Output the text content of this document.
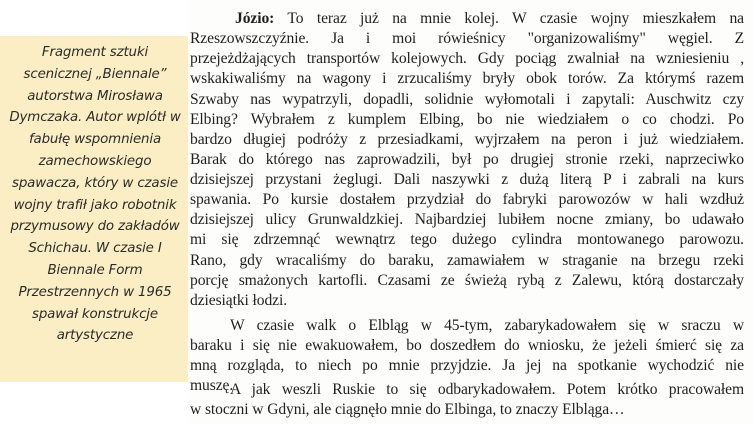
Fragment sztuki scenicznej „Biennale” autorstwa Mirosława Dymczaka. Autor wplótł w fabułę wspomnienia zamechowskiego spawacza, który w czasie wojny trafił jako robotnik przymusowy do zakładów Schichau. W czasie I Biennale Form Przestrzennych w 1965 spawał konstrukcje artystyczne
Józio: To teraz już na mnie kolej. W czasie wojny mieszkałem na
Rzeszowszczyźnie. Ja i moi rówieśnicy "organizowaliśmy" węgiel. Z
przejeżdżających transportów kolejowych. Gdy pociąg zwalniał na wzniesieniu ,
wskakiwaliśmy na wagony i zrzucaliśmy bryły obok torów. Za którymś razem
Szwaby nas wypatrzyli, dopadli, solidnie wyłomotali i zapytali: Auschwitz czy
Elbing? Wybrałem z kumplem Elbing, bo nie wiedziałem o co chodzi. Po
bardzo długiej podróży z przesiadkami, wyjrzałem na peron i już wiedziałem.
Barak do którego nas zaprowadzili, był po drugiej stronie rzeki, naprzeciwko
dzisiejszej przystani żeglugi. Dali naszywki z dużą literą P i zabrali na kurs
spawania. Po kursie dostałem przydział do fabryki parowozów w hali wzdłuż
dzisiejszej ulicy Grunwaldzkiej. Najbardziej lubiłem nocne zmiany, bo udawało
mi się zdrzemnąć wewnątrz tego dużego cylindra montowanego parowozu.
Rano, gdy wracaliśmy do baraku, zamawiałem w straganie na brzegu rzeki
porcję smażonych kartofli. Czasami ze świeżą rybą z Zalewu, którą dostarczały
dziesiątki łodzi.
W czasie walk o Elbląg w 45-tym, zabarykadowałem się w sraczu w
baraku i się nie ewakuowałem, bo doszedłem do wniosku, że jeżeli śmierć się za
mną rozgląda, to niech po mnie przyjdzie. Ja jej na spotkanie wychodzić nie
muszę.
A jak weszli Ruskie to się odbarykadowałem. Potem krótko pracowałem
w stoczni w Gdyni, ale ciągnęło mnie do Elbinga, to znaczy Elbląga…
